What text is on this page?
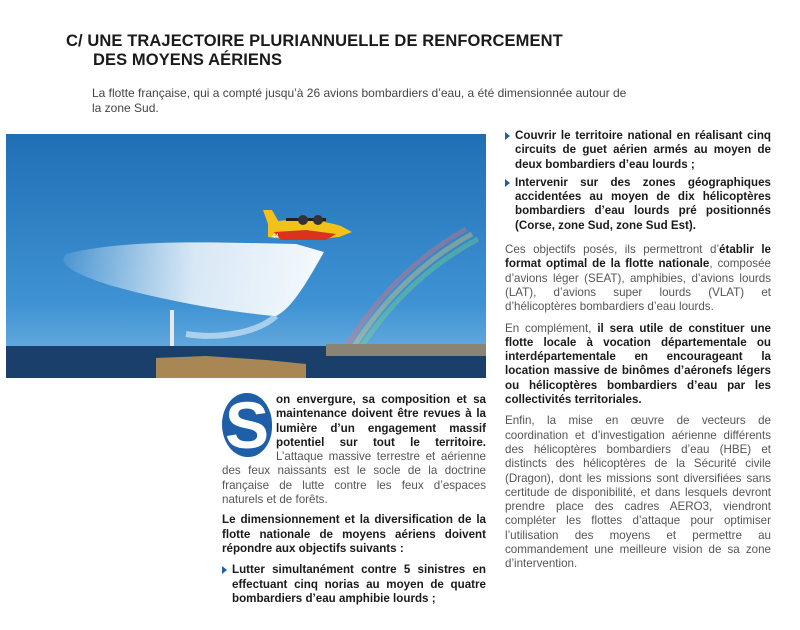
C/ UNE TRAJECTOIRE PLURIANNUELLE DE RENFORCEMENT
DES MOYENS AÉRIENS
La flotte française, qui a compté jusqu’à 26 avions bombardiers d’eau, a été dimensionnée autour de
la zone Sud.
44
S on envergure, sa composition et sa maintenance doivent être revues à la lumière d’un engagement massif potentiel sur tout le territoire. L’attaque massive terrestre et aérienne des feux naissants est le socle de la doctrine française de lutte contre les feux d’espaces naturels et de forêts.

Le dimensionnement et la diversification de la flotte nationale de moyens aériens doivent répondre aux objectifs suivants :

Lutter simultanément contre 5 sinistres en effectuant cinq norias au moyen de quatre bombardiers d’eau amphibie lourds ;
Couvrir le territoire national en réalisant cinq circuits de guet aérien armés au moyen de deux bombardiers d’eau lourds ;
Intervenir sur des zones géographiques accidentées au moyen de dix hélicoptères bombardiers d’eau lourds pré positionnés (Corse, zone Sud, zone Sud Est).

Ces objectifs posés, ils permettront d’établir le format optimal de la flotte nationale, composée d’avions léger (SEAT), amphibies, d’avions lourds (LAT), d’avions super lourds (VLAT) et d’hélicoptères bombardiers d’eau lourds.

En complément, il sera utile de constituer une flotte locale à vocation départementale ou interdépartementale en encourageant la location massive de binômes d’aéronefs légers ou hélicoptères bombardiers d’eau par les collectivités territoriales.

Enfin, la mise en œuvre de vecteurs de coordination et d’investigation aérienne différents des hélicoptères bombardiers d’eau (HBE) et distincts des hélicoptères de la Sécurité civile (Dragon), dont les missions sont diversifiées sans certitude de disponibilité, et dans lesquels devront prendre place des cadres AERO3, viendront compléter les flottes d’attaque pour optimiser l’utilisation des moyens et permettre au commandement une meilleure vision de sa zone d’intervention.
